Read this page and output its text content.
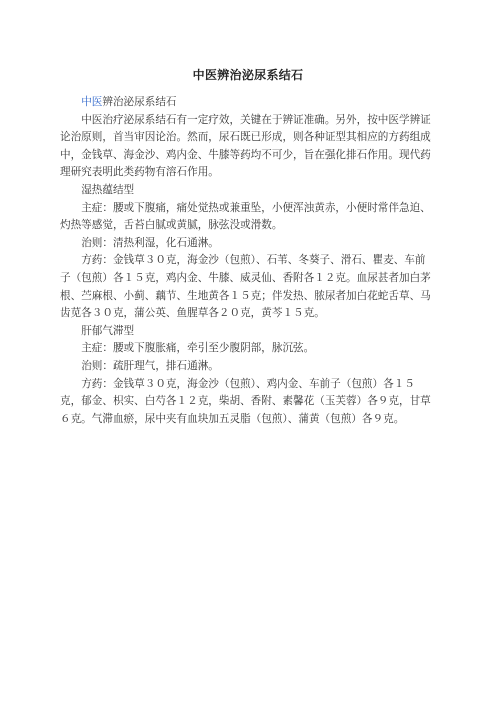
中医辨治泌尿系结石

中医辨治泌尿系结石

中医治疗泌尿系结石有一定疗效，关键在于辨证准确。另外，按中医学辨证论治原则，首当审因论治。然而，尿石既已形成，则各种证型其相应的方药组成中，金钱草、海金沙、鸡内金、牛膝等药均不可少，旨在强化排石作用。现代药理研究表明此类药物有溶石作用。

湿热蕴结型

主症：腰或下腹痛，痛处觉热或兼重坠，小便浑浊黄赤，小便时常伴急迫、灼热等感觉，舌苔白腻或黄腻，脉弦没或滑数。

治则：清热利湿，化石通淋。

方药：金钱草３０克，海金沙（包煎）、石苇、冬葵子、滑石、瞿麦、车前子（包煎）各１５克，鸡内金、牛膝、威灵仙、香附各１２克。血尿甚者加白茅根、苎麻根、小蓟、藕节、生地黄各１５克；伴发热、脓尿者加白花蛇舌草、马齿苋各３０克，蒲公英、鱼腥草各２０克，黄芩１５克。

肝郁气滞型

主症：腰或下腹胀痛，牵引至少腹阴部，脉沉弦。

治则：疏肝理气，排石通淋。

方药：金钱草３０克，海金沙（包煎）、鸡内金、车前子（包煎）各１５克，郁金、枳实、白芍各１２克，柴胡、香附、素馨花（玉芙蓉）各９克，甘草６克。气滞血瘀，尿中夹有血块加五灵脂（包煎）、蒲黄（包煎）各９克。
